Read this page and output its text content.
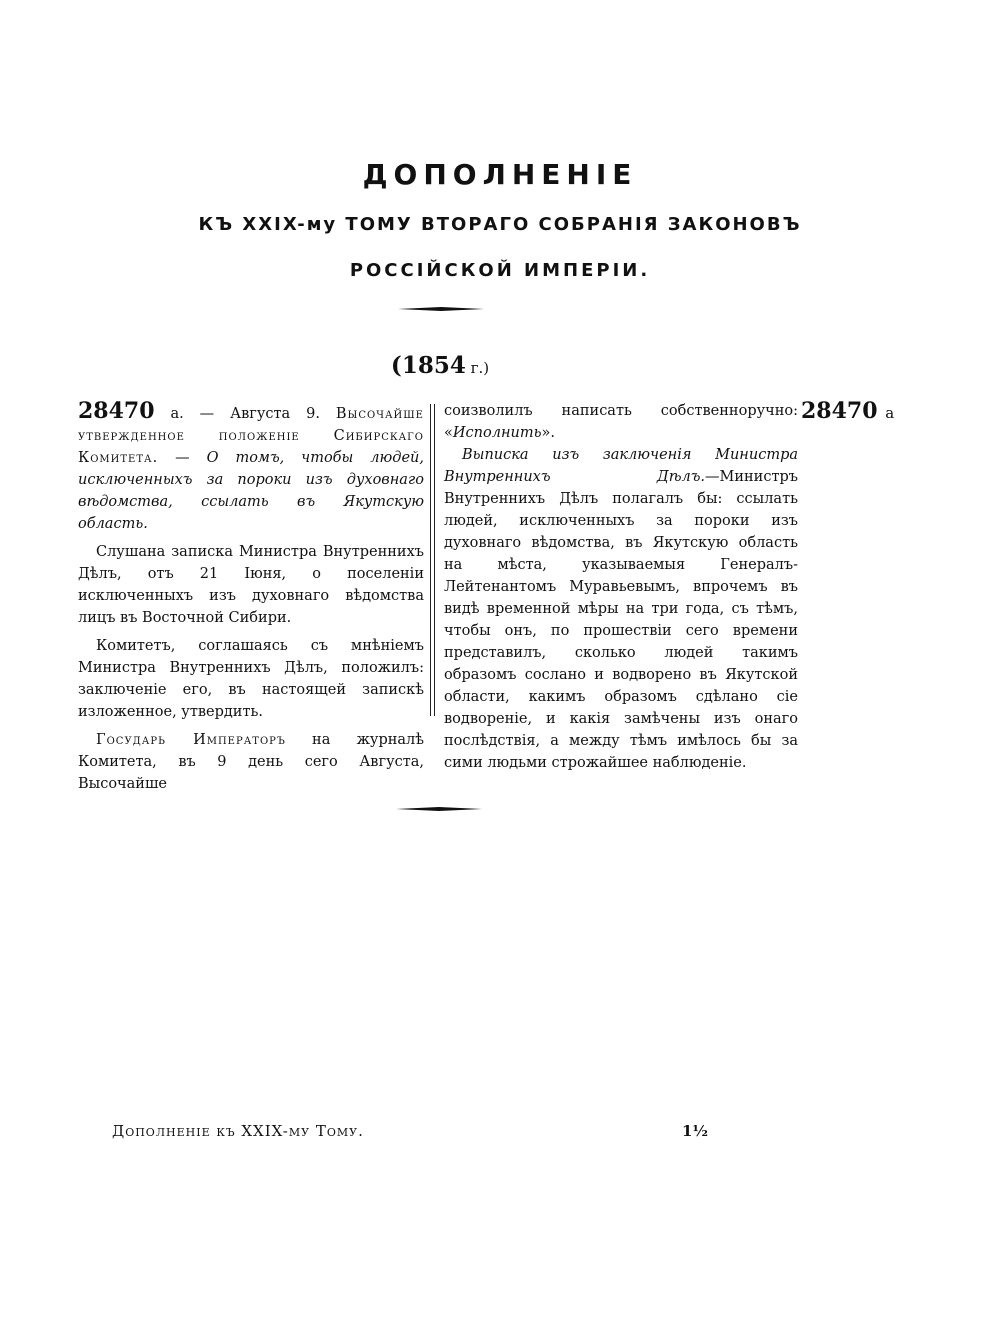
ДОПОЛНЕНIЕ
КЪ XXIX-му ТОМУ ВТОРАГО СОБРАНIЯ ЗАКОНОВЪ
РОССIЙСКОЙ ИМПЕРIИ.
(1854 г.)

28470 а. — Августа 9. Высочайше утвержденное положенiе Сибирскаго Комитета. — О томъ, чтобы людей, исключенныхъ за пороки изъ духовнаго вѣдомства, ссылать въ Якутскую область.

Слушана записка Министра Внутреннихъ Дѣлъ, отъ 21 Iюня, о поселенiи исключенныхъ изъ духовнаго вѣдомства лицъ въ Восточной Сибири.

Комитетъ, соглашаясь съ мнѣнiемъ Министра Внутреннихъ Дѣлъ, положилъ: заключенiе его, въ настоящей запискѣ изложенное, утвердить.

Государь Императоръ на журналѣ Комитета, въ 9 день сего Августа, Высочайше

соизволилъ написать собственноручно: «Исполнить».

Выписка изъ заключенiя Министра Внутреннихъ Дѣлъ.—Министръ Внутреннихъ Дѣлъ полагалъ бы: ссылать людей, исключенныхъ за пороки изъ духовнаго вѣдомства, въ Якутскую область на мѣста, указываемыя Генералъ-Лейтенантомъ Муравьевымъ, впрочемъ въ видѣ временной мѣры на три года, съ тѣмъ, чтобы онъ, по прошествiи сего времени представилъ, сколько людей такимъ образомъ сослано и водворено въ Якутской области, какимъ образомъ сдѣлано сiе водворенiе, и какiя замѣчены изъ онаго послѣдствiя, а между тѣмъ имѣлось бы за сими людьми строжайшее наблюденiе.

28470 а
Дополненiе къ XXIX-му Тому.	1½
